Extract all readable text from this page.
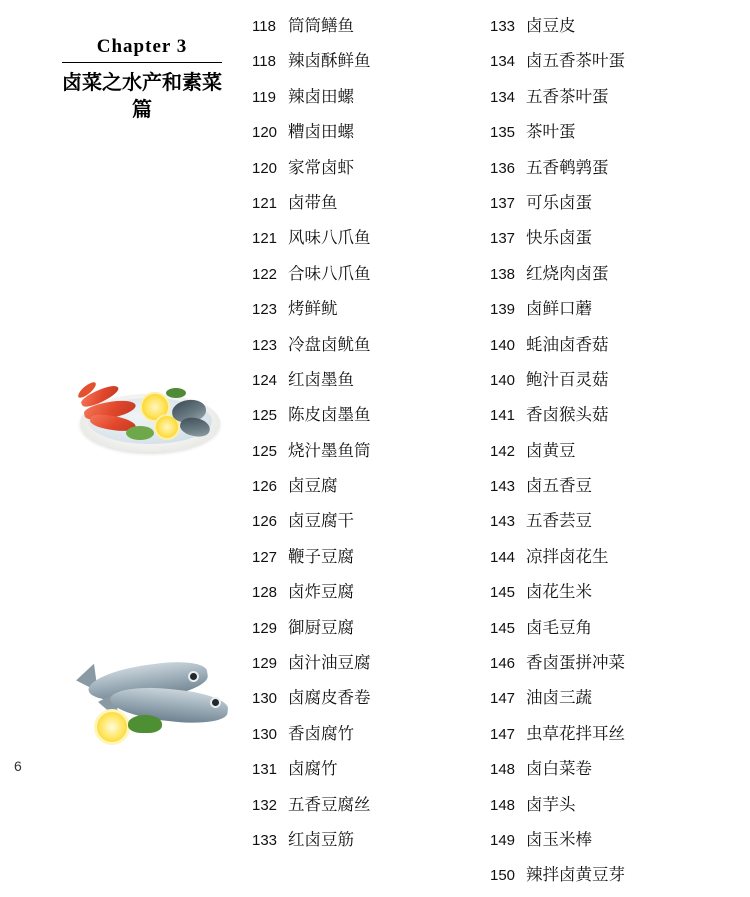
Chapter 3
卤菜之水产和素菜篇
6
118 筒筒鳝鱼
118 辣卤酥鲜鱼
119 辣卤田螺
120 糟卤田螺
120 家常卤虾
121 卤带鱼
121 风味八爪鱼
122 合味八爪鱼
123 烤鲜鱿
123 冷盘卤鱿鱼
124 红卤墨鱼
125 陈皮卤墨鱼
125 烧汁墨鱼筒
126 卤豆腐
126 卤豆腐干
127 鞭子豆腐
128 卤炸豆腐
129 御厨豆腐
129 卤汁油豆腐
130 卤腐皮香卷
130 香卤腐竹
131 卤腐竹
132 五香豆腐丝
133 红卤豆筋
133 卤豆皮
134 卤五香茶叶蛋
134 五香茶叶蛋
135 茶叶蛋
136 五香鹌鹑蛋
137 可乐卤蛋
137 快乐卤蛋
138 红烧肉卤蛋
139 卤鲜口蘑
140 蚝油卤香菇
140 鲍汁百灵菇
141 香卤猴头菇
142 卤黄豆
143 卤五香豆
143 五香芸豆
144 凉拌卤花生
145 卤花生米
145 卤毛豆角
146 香卤蛋拼冲菜
147 油卤三蔬
147 虫草花拌耳丝
148 卤白菜卷
148 卤芋头
149 卤玉米棒
150 辣拌卤黄豆芽
